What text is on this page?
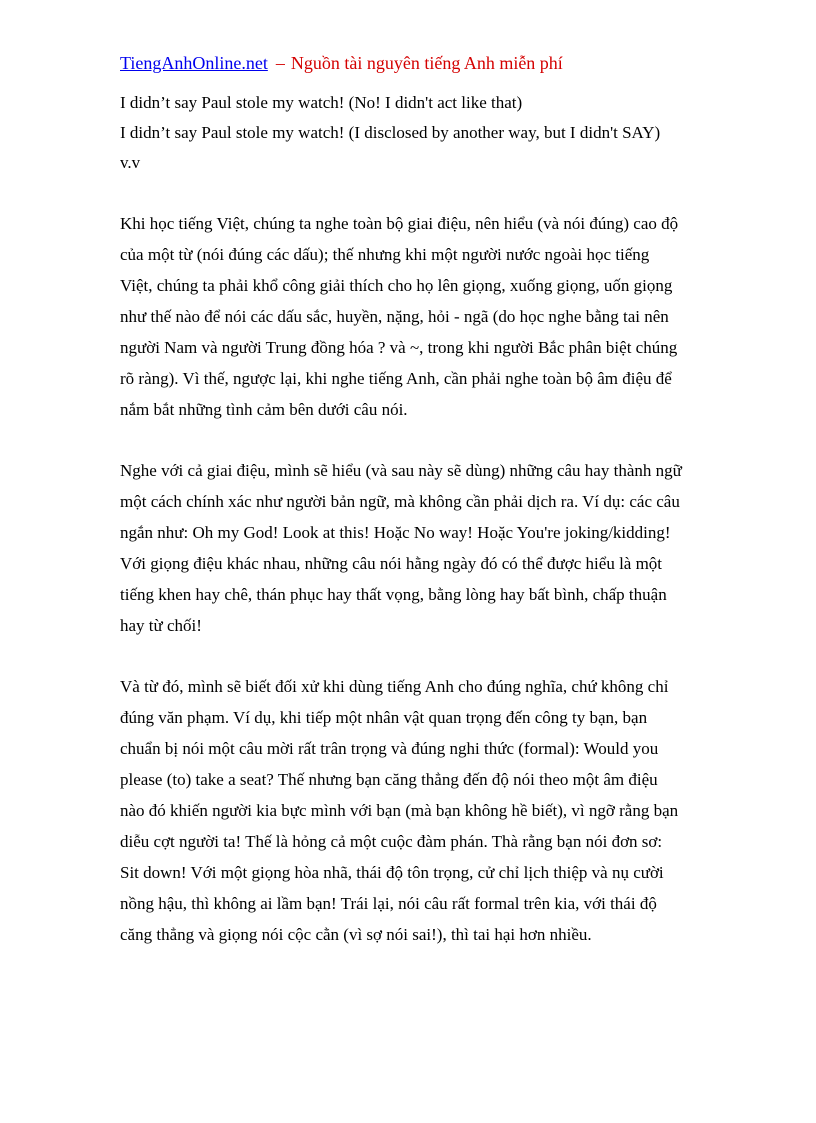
TiengAnhOnline.net – Nguồn tài nguyên tiếng Anh miễn phí

I didn’t say Paul stole my watch! (No! I didn't act like that)

I didn’t say Paul stole my watch! (I disclosed by another way, but I didn't SAY)

v.v

Khi học tiếng Việt, chúng ta nghe toàn bộ giai điệu, nên hiểu (và nói đúng) cao độ
của một từ (nói đúng các dấu); thế nhưng khi một người nước ngoài học tiếng
Việt, chúng ta phải khổ công giải thích cho họ lên giọng, xuống giọng, uốn giọng
như thế nào để nói các dấu sắc, huyền, nặng, hỏi - ngã (do học nghe bằng tai nên
người Nam và người Trung đồng hóa ? và ~, trong khi người Bắc phân biệt chúng
rõ ràng). Vì thế, ngược lại, khi nghe tiếng Anh, cần phải nghe toàn bộ âm điệu để
nắm bắt những tình cảm bên dưới câu nói.
Nghe với cả giai điệu, mình sẽ hiểu (và sau này sẽ dùng) những câu hay thành ngữ
một cách chính xác như người bản ngữ, mà không cần phải dịch ra. Ví dụ: các câu
ngắn như: Oh my God! Look at this! Hoặc No way! Hoặc You're joking/kidding!
Với giọng điệu khác nhau, những câu nói hằng ngày đó có thể được hiểu là một
tiếng khen hay chê, thán phục hay thất vọng, bằng lòng hay bất bình, chấp thuận
hay từ chối!
Và từ đó, mình sẽ biết đối xử khi dùng tiếng Anh cho đúng nghĩa, chứ không chỉ
đúng văn phạm. Ví dụ, khi tiếp một nhân vật quan trọng đến công ty bạn, bạn
chuẩn bị nói một câu mời rất trân trọng và đúng nghi thức (formal): Would you
please (to) take a seat? Thế nhưng bạn căng thẳng đến độ nói theo một âm điệu
nào đó khiến người kia bực mình với bạn (mà bạn không hề biết), vì ngỡ rằng bạn
diễu cợt người ta! Thế là hỏng cả một cuộc đàm phán. Thà rằng bạn nói đơn sơ:
Sit down! Với một giọng hòa nhã, thái độ tôn trọng, cử chỉ lịch thiệp và nụ cười
nồng hậu, thì không ai lầm bạn! Trái lại, nói câu rất formal trên kia, với thái độ
căng thẳng và giọng nói cộc cằn (vì sợ nói sai!), thì tai hại hơn nhiều.
